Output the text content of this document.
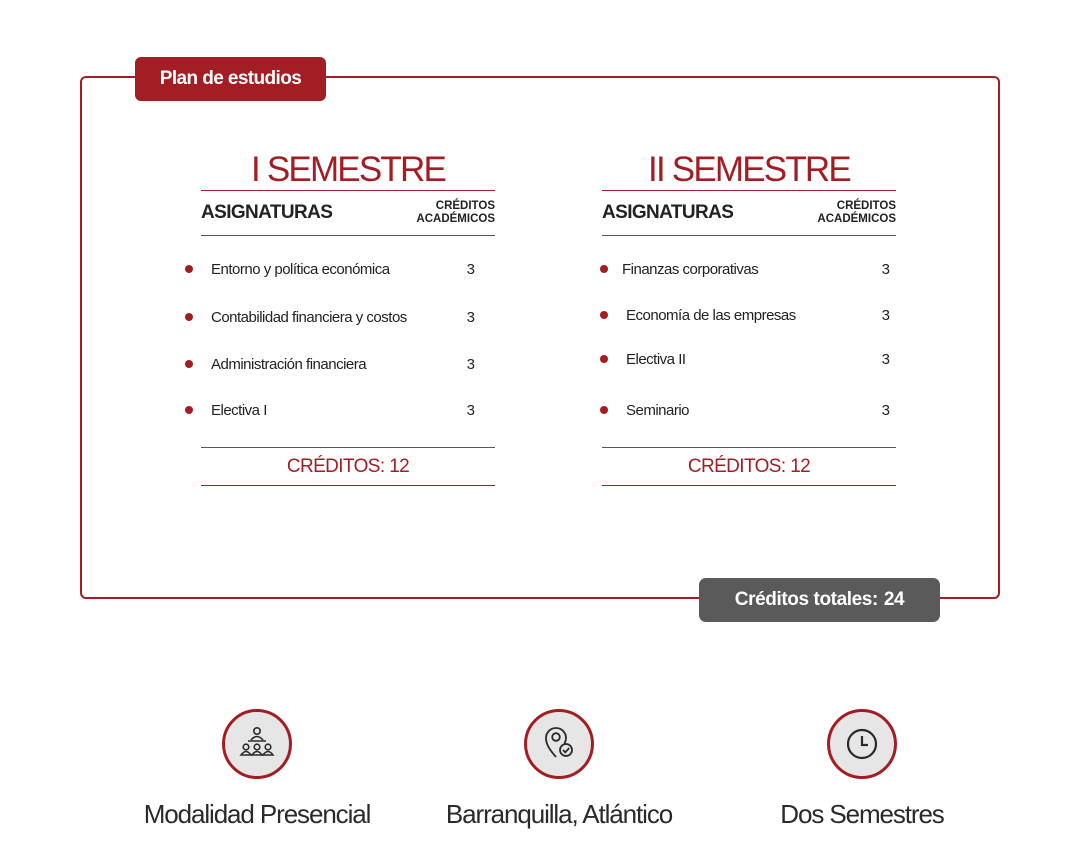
Plan de estudios
I SEMESTRE
ASIGNATURAS	CRÉDITOS
ACADÉMICOS
Entorno y política económica	3
Contabilidad financiera y costos	3
Administración financiera	3
Electiva I	3
CRÉDITOS: 12
II SEMESTRE
ASIGNATURAS	CRÉDITOS
ACADÉMICOS
Finanzas corporativas	3
Economía de las empresas	3
Electiva II	3
Seminario	3
CRÉDITOS: 12
Créditos totales: 24
Modalidad Presencial	Barranquilla, Atlántico	Dos Semestres
